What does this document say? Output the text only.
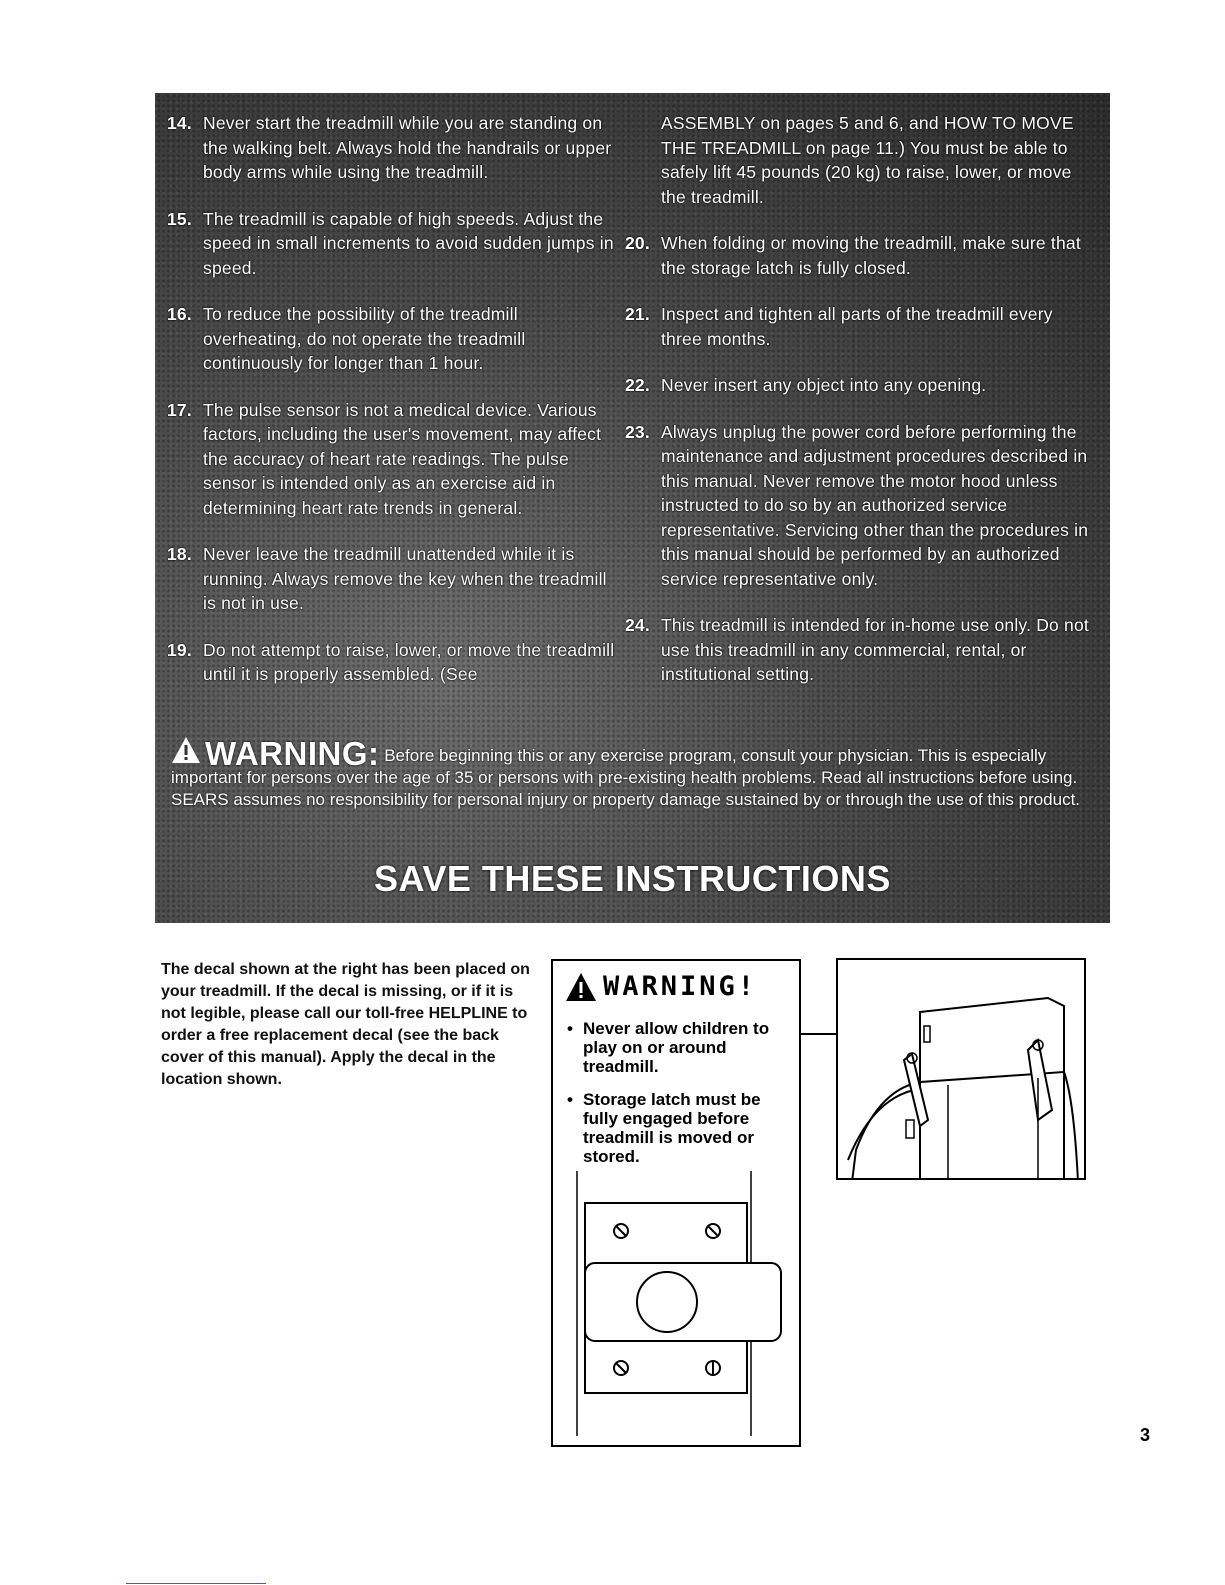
14. Never start the treadmill while you are standing on the walking belt. Always hold the handrails or upper body arms while using the treadmill.
15. The treadmill is capable of high speeds. Adjust the speed in small increments to avoid sudden jumps in speed.
16. To reduce the possibility of the treadmill overheating, do not operate the treadmill continuously for longer than 1 hour.
17. The pulse sensor is not a medical device. Various factors, including the user's movement, may affect the accuracy of heart rate readings. The pulse sensor is intended only as an exercise aid in determining heart rate trends in general.
18. Never leave the treadmill unattended while it is running. Always remove the key when the treadmill is not in use.
19. Do not attempt to raise, lower, or move the treadmill until it is properly assembled. (See
ASSEMBLY on pages 5 and 6, and HOW TO MOVE THE TREADMILL on page 11.) You must be able to safely lift 45 pounds (20 kg) to raise, lower, or move the treadmill.
20. When folding or moving the treadmill, make sure that the storage latch is fully closed.
21. Inspect and tighten all parts of the treadmill every three months.
22. Never insert any object into any opening.
23. Always unplug the power cord before performing the maintenance and adjustment procedures described in this manual. Never remove the motor hood unless instructed to do so by an authorized service representative. Servicing other than the procedures in this manual should be performed by an authorized service representative only.
24. This treadmill is intended for in-home use only. Do not use this treadmill in any commercial, rental, or institutional setting.
WARNING: Before beginning this or any exercise program, consult your physician. This is especially important for persons over the age of 35 or persons with pre-existing health problems. Read all instructions before using. SEARS assumes no responsibility for personal injury or property damage sustained by or through the use of this product.
SAVE THESE INSTRUCTIONS
The decal shown at the right has been placed on your treadmill. If the decal is missing, or if it is not legible, please call our toll-free HELPLINE to order a free replacement decal (see the back cover of this manual). Apply the decal in the location shown.
WARNING!
• Never allow children to play on or around treadmill.
• Storage latch must be fully engaged before treadmill is moved or stored.
3
